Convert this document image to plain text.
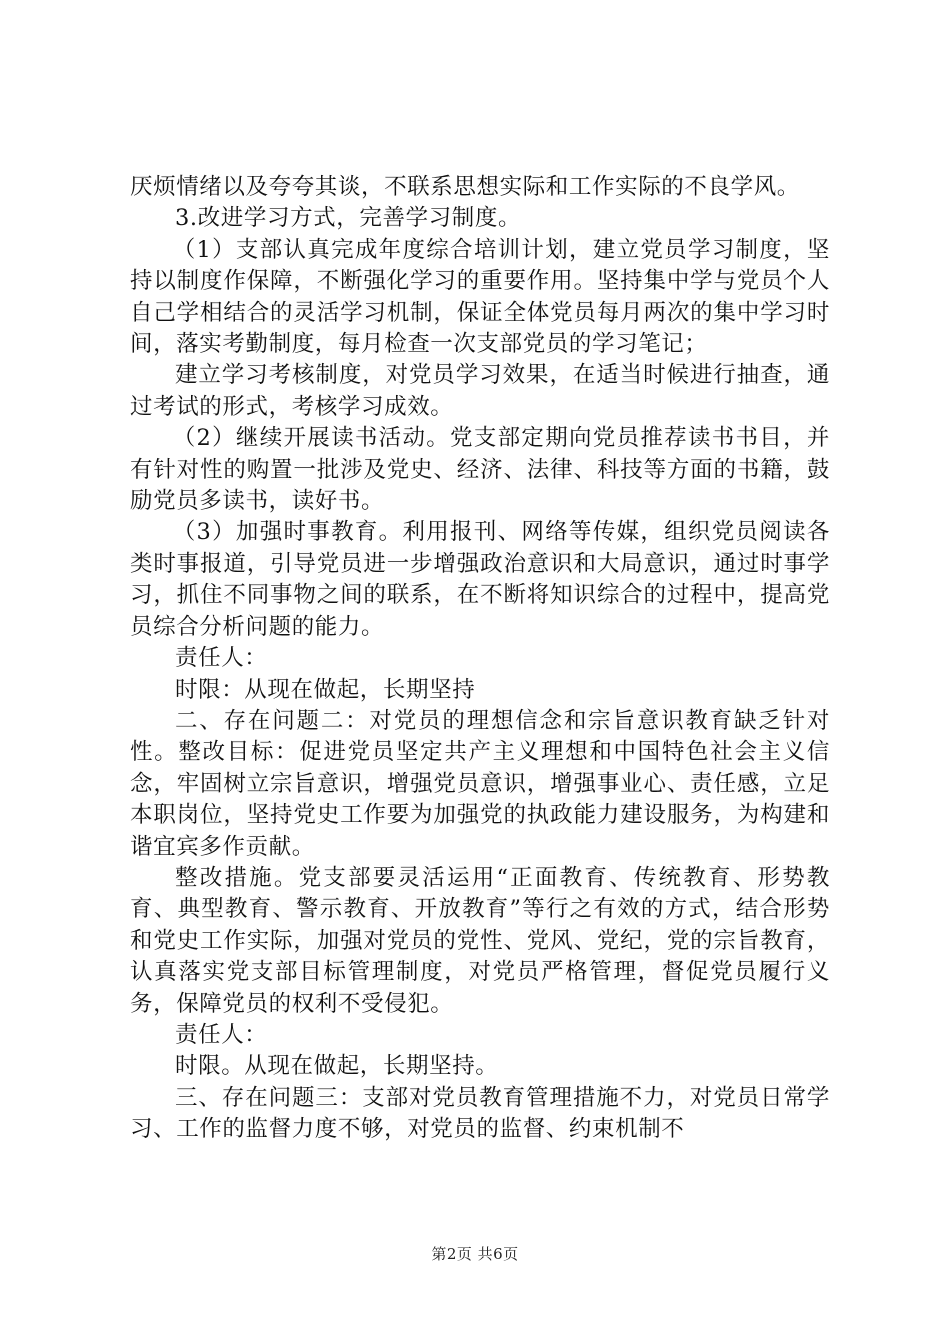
厌烦情绪以及夸夸其谈，不联系思想实际和工作实际的不良学风。

3.改进学习方式，完善学习制度。

（1）支部认真完成年度综合培训计划，建立党员学习制度，坚持以制度作保障，不断强化学习的重要作用。坚持集中学与党员个人自己学相结合的灵活学习机制，保证全体党员每月两次的集中学习时间，落实考勤制度，每月检查一次支部党员的学习笔记；

建立学习考核制度，对党员学习效果，在适当时候进行抽查，通过考试的形式，考核学习成效。

（2）继续开展读书活动。党支部定期向党员推荐读书书目，并有针对性的购置一批涉及党史、经济、法律、科技等方面的书籍，鼓励党员多读书，读好书。

（3）加强时事教育。利用报刊、网络等传媒，组织党员阅读各类时事报道，引导党员进一步增强政治意识和大局意识，通过时事学习，抓住不同事物之间的联系，在不断将知识综合的过程中，提高党员综合分析问题的能力。

责任人：

时限：从现在做起，长期坚持

二、存在问题二：对党员的理想信念和宗旨意识教育缺乏针对性。整改目标：促进党员坚定共产主义理想和中国特色社会主义信念，牢固树立宗旨意识，增强党员意识，增强事业心、责任感，立足本职岗位，坚持党史工作要为加强党的执政能力建设服务，为构建和谐宜宾多作贡献。

整改措施。党支部要灵活运用“正面教育、传统教育、形势教育、典型教育、警示教育、开放教育”等行之有效的方式，结合形势和党史工作实际，加强对党员的党性、党风、党纪，党的宗旨教育，认真落实党支部目标管理制度，对党员严格管理，督促党员履行义务，保障党员的权利不受侵犯。

责任人：

时限。从现在做起，长期坚持。

三、存在问题三：支部对党员教育管理措施不力，对党员日常学习、工作的监督力度不够，对党员的监督、约束机制不

第2页 共6页
